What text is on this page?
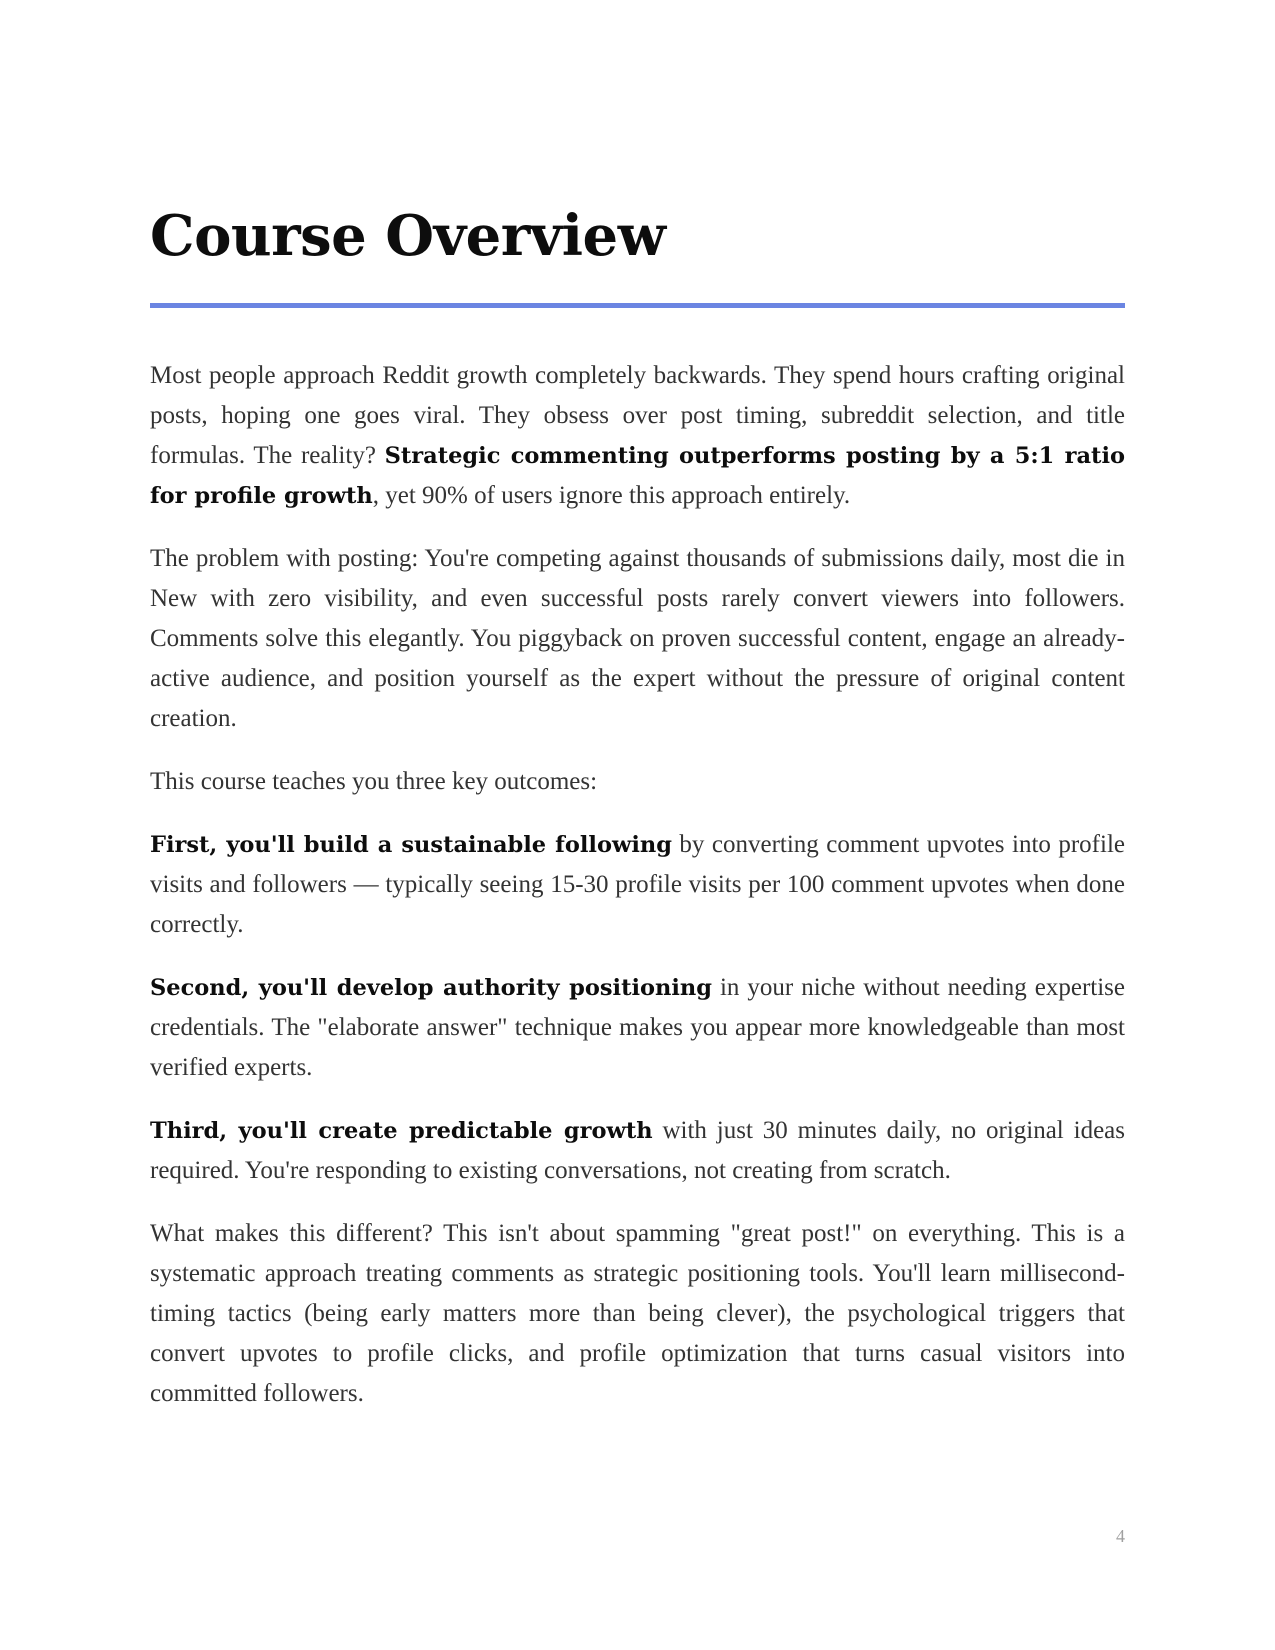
Course Overview

Most people approach Reddit growth completely backwards. They spend hours crafting original posts, hoping one goes viral. They obsess over post timing, subreddit selection, and title formulas. The reality? Strategic commenting outperforms posting by a 5:1 ratio for profile growth, yet 90% of users ignore this approach entirely.

The problem with posting: You're competing against thousands of submissions daily, most die in New with zero visibility, and even successful posts rarely convert viewers into followers. Comments solve this elegantly. You piggyback on proven successful content, engage an already-active audience, and position yourself as the expert without the pressure of original content creation.

This course teaches you three key outcomes:

First, you'll build a sustainable following by converting comment upvotes into profile visits and followers — typically seeing 15-30 profile visits per 100 comment upvotes when done correctly.

Second, you'll develop authority positioning in your niche without needing expertise credentials. The "elaborate answer" technique makes you appear more knowledgeable than most verified experts.

Third, you'll create predictable growth with just 30 minutes daily, no original ideas required. You're responding to existing conversations, not creating from scratch.

What makes this different? This isn't about spamming "great post!" on everything. This is a systematic approach treating comments as strategic positioning tools. You'll learn millisecond-timing tactics (being early matters more than being clever), the psychological triggers that convert upvotes to profile clicks, and profile optimization that turns casual visitors into committed followers.

4
